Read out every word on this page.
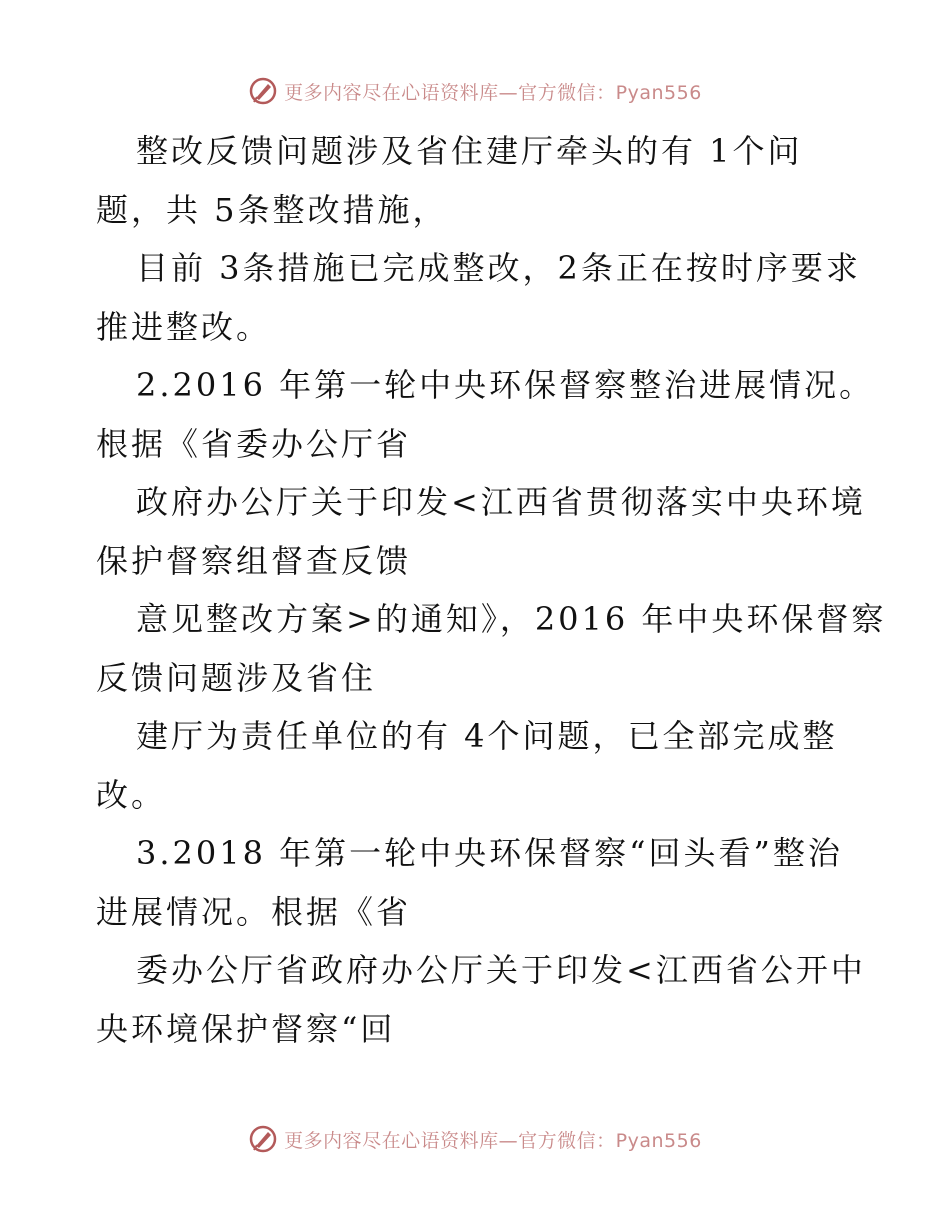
更多内容尽在心语资料库—官方微信：Pyan556
整改反馈问题涉及省住建厅牵头的有 1个问
题，共 5条整改措施，
目前 3条措施已完成整改，2条正在按时序要求
推进整改。
2.2016 年第一轮中央环保督察整治进展情况。
根据《省委办公厅省
政府办公厅关于印发<江西省贯彻落实中央环境
保护督察组督查反馈
意见整改方案>的通知》，2016 年中央环保督察
反馈问题涉及省住
建厅为责任单位的有 4个问题，已全部完成整
改。
3.2018 年第一轮中央环保督察“回头看”整治
进展情况。根据《省
委办公厅省政府办公厅关于印发<江西省公开中
央环境保护督察“回
更多内容尽在心语资料库—官方微信：Pyan556
